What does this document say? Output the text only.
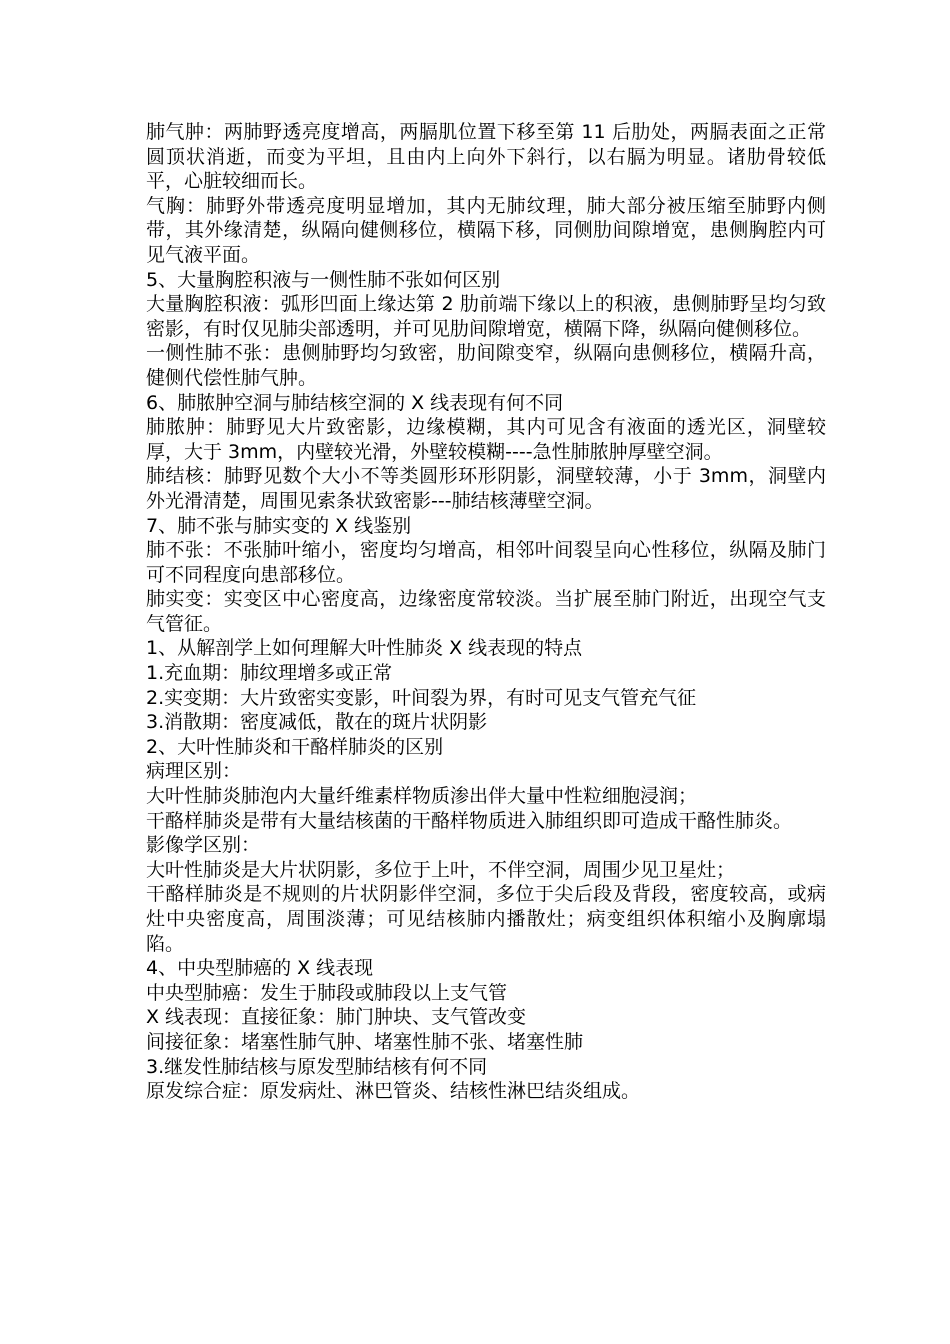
肺气肿：两肺野透亮度增高，两膈肌位置下移至第 11 后肋处，两膈表面之正常圆顶状消逝，而变为平坦，且由内上向外下斜行，以右膈为明显。诸肋骨较低平，心脏较细而长。

气胸：肺野外带透亮度明显增加，其内无肺纹理，肺大部分被压缩至肺野内侧带，其外缘清楚，纵隔向健侧移位，横隔下移，同侧肋间隙增宽，患侧胸腔内可见气液平面。

5、大量胸腔积液与一侧性肺不张如何区别

大量胸腔积液：弧形凹面上缘达第 2 肋前端下缘以上的积液，患侧肺野呈均匀致密影，有时仅见肺尖部透明，并可见肋间隙增宽，横隔下降，纵隔向健侧移位。

一侧性肺不张：患侧肺野均匀致密，肋间隙变窄，纵隔向患侧移位，横隔升高，健侧代偿性肺气肿。

6、肺脓肿空洞与肺结核空洞的 X 线表现有何不同

肺脓肿：肺野见大片致密影，边缘模糊，其内可见含有液面的透光区，洞壁较厚，大于 3mm，内壁较光滑，外壁较模糊----急性肺脓肿厚壁空洞。

肺结核：肺野见数个大小不等类圆形环形阴影，洞壁较薄，小于 3mm，洞壁内外光滑清楚，周围见索条状致密影---肺结核薄壁空洞。

7、肺不张与肺实变的 X 线鉴别

肺不张：不张肺叶缩小，密度均匀增高，相邻叶间裂呈向心性移位，纵隔及肺门可不同程度向患部移位。

肺实变：实变区中心密度高，边缘密度常较淡。当扩展至肺门附近，出现空气支气管征。

1、从解剖学上如何理解大叶性肺炎 X 线表现的特点

1.充血期：肺纹理增多或正常

2.实变期：大片致密实变影，叶间裂为界，有时可见支气管充气征

3.消散期：密度减低，散在的斑片状阴影

2、大叶性肺炎和干酪样肺炎的区别

病理区别：

大叶性肺炎肺泡内大量纤维素样物质渗出伴大量中性粒细胞浸润；

干酪样肺炎是带有大量结核菌的干酪样物质进入肺组织即可造成干酪性肺炎。

影像学区别：

大叶性肺炎是大片状阴影，多位于上叶，不伴空洞，周围少见卫星灶；

干酪样肺炎是不规则的片状阴影伴空洞，多位于尖后段及背段，密度较高，或病灶中央密度高，周围淡薄；可见结核肺内播散灶；病变组织体积缩小及胸廓塌陷。

4、中央型肺癌的 X 线表现

中央型肺癌：发生于肺段或肺段以上支气管

X 线表现：直接征象：肺门肿块、支气管改变

间接征象：堵塞性肺气肿、堵塞性肺不张、堵塞性肺

3.继发性肺结核与原发型肺结核有何不同

原发综合症：原发病灶、淋巴管炎、结核性淋巴结炎组成。
